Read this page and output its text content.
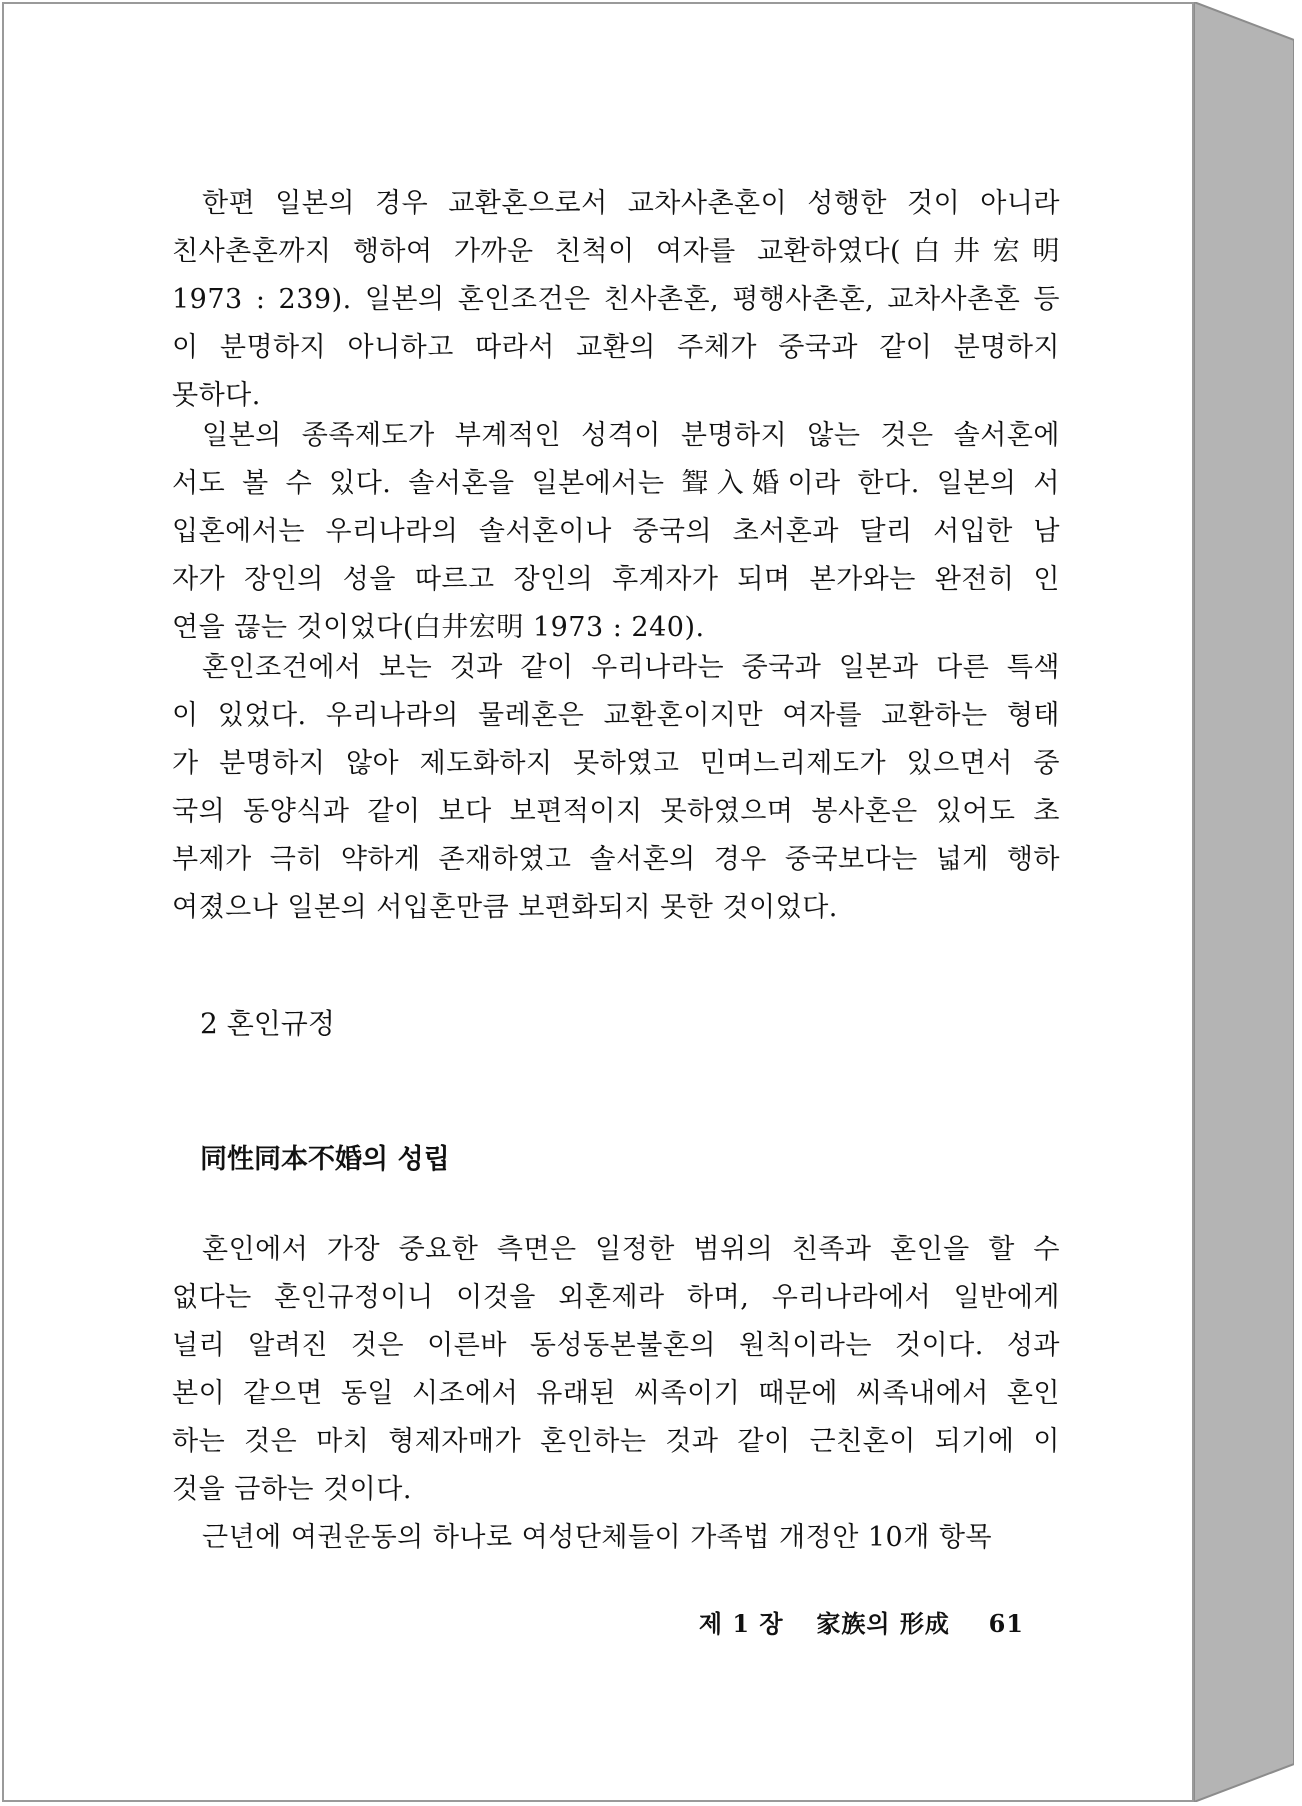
한편 일본의 경우 교환혼으로서 교차사촌혼이 성행한 것이 아니라
친사촌혼까지 행하여 가까운 친척이 여자를 교환하였다(白井宏明
1973 : 239). 일본의 혼인조건은 친사촌혼, 평행사촌혼, 교차사촌혼 등
이 분명하지 아니하고 따라서 교환의 주체가 중국과 같이 분명하지
못하다.
일본의 종족제도가 부계적인 성격이 분명하지 않는 것은 솔서혼에
서도 볼 수 있다. 솔서혼을 일본에서는 聟入婚이라 한다. 일본의 서
입혼에서는 우리나라의 솔서혼이나 중국의 초서혼과 달리 서입한 남
자가 장인의 성을 따르고 장인의 후계자가 되며 본가와는 완전히 인
연을 끊는 것이었다(白井宏明 1973 : 240).
혼인조건에서 보는 것과 같이 우리나라는 중국과 일본과 다른 특색
이 있었다. 우리나라의 물레혼은 교환혼이지만 여자를 교환하는 형태
가 분명하지 않아 제도화하지 못하였고 민며느리제도가 있으면서 중
국의 동양식과 같이 보다 보편적이지 못하였으며 봉사혼은 있어도 초
부제가 극히 약하게 존재하였고 솔서혼의 경우 중국보다는 넓게 행하
여졌으나 일본의 서입혼만큼 보편화되지 못한 것이었다.
2 혼인규정
同性同本不婚의 성립
혼인에서 가장 중요한 측면은 일정한 범위의 친족과 혼인을 할 수
없다는 혼인규정이니 이것을 외혼제라 하며, 우리나라에서 일반에게
널리 알려진 것은 이른바 동성동본불혼의 원칙이라는 것이다. 성과
본이 같으면 동일 시조에서 유래된 씨족이기 때문에 씨족내에서 혼인
하는 것은 마치 형제자매가 혼인하는 것과 같이 근친혼이 되기에 이
것을 금하는 것이다.
근년에 여권운동의 하나로 여성단체들이 가족법 개정안 10개 항목
제 1 장 家族의 形成 61
